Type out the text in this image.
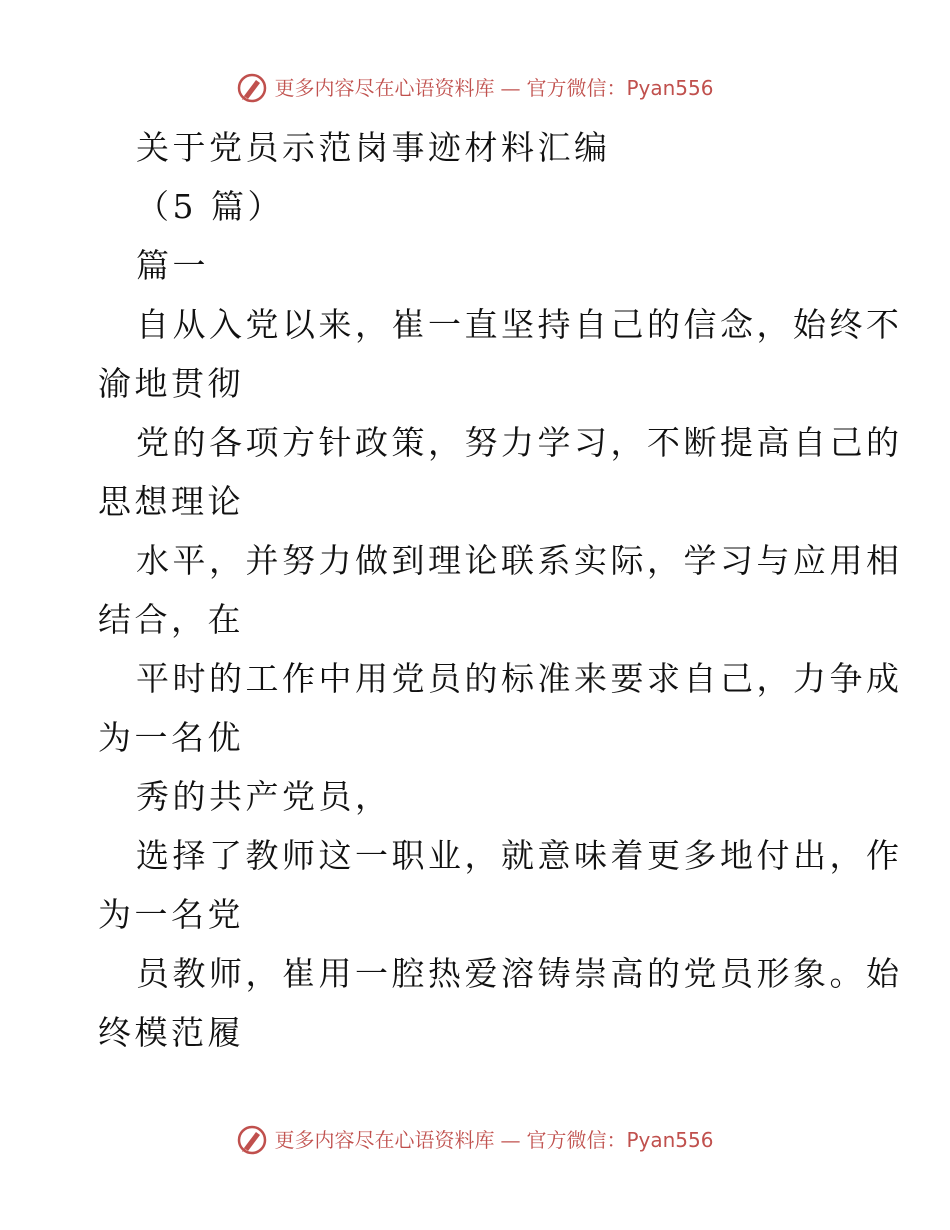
更多内容尽在心语资料库 — 官方微信：Pyan556
关于党员示范岗事迹材料汇编
（5 篇）
篇一
自从入党以来，崔一直坚持自己的信念，始终不
渝地贯彻
党的各项方针政策，努力学习，不断提高自己的
思想理论
水平，并努力做到理论联系实际，学习与应用相
结合，在
平时的工作中用党员的标准来要求自己，力争成
为一名优
秀的共产党员，
选择了教师这一职业，就意味着更多地付出，作
为一名党
员教师，崔用一腔热爱溶铸崇高的党员形象。始
终模范履
更多内容尽在心语资料库 — 官方微信：Pyan556
